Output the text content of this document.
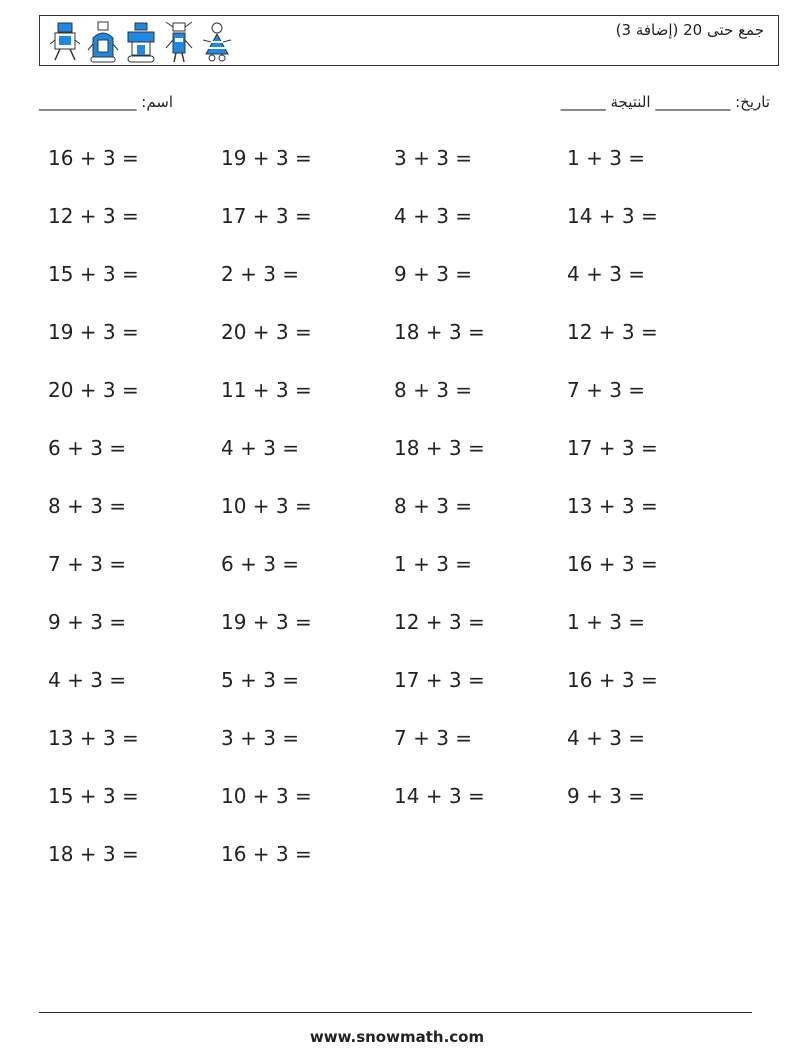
جمع حتى 20 (إضافة 3)
اسم: _____________	تاريخ: __________ النتيجة ______
16 + 3 =	19 + 3 =	3 + 3 =	1 + 3 =
12 + 3 =	17 + 3 =	4 + 3 =	14 + 3 =
15 + 3 =	2 + 3 =	9 + 3 =	4 + 3 =
19 + 3 =	20 + 3 =	18 + 3 =	12 + 3 =
20 + 3 =	11 + 3 =	8 + 3 =	7 + 3 =
6 + 3 =	4 + 3 =	18 + 3 =	17 + 3 =
8 + 3 =	10 + 3 =	8 + 3 =	13 + 3 =
7 + 3 =	6 + 3 =	1 + 3 =	16 + 3 =
9 + 3 =	19 + 3 =	12 + 3 =	1 + 3 =
4 + 3 =	5 + 3 =	17 + 3 =	16 + 3 =
13 + 3 =	3 + 3 =	7 + 3 =	4 + 3 =
15 + 3 =	10 + 3 =	14 + 3 =	9 + 3 =
18 + 3 =	16 + 3 =
www.snowmath.com
